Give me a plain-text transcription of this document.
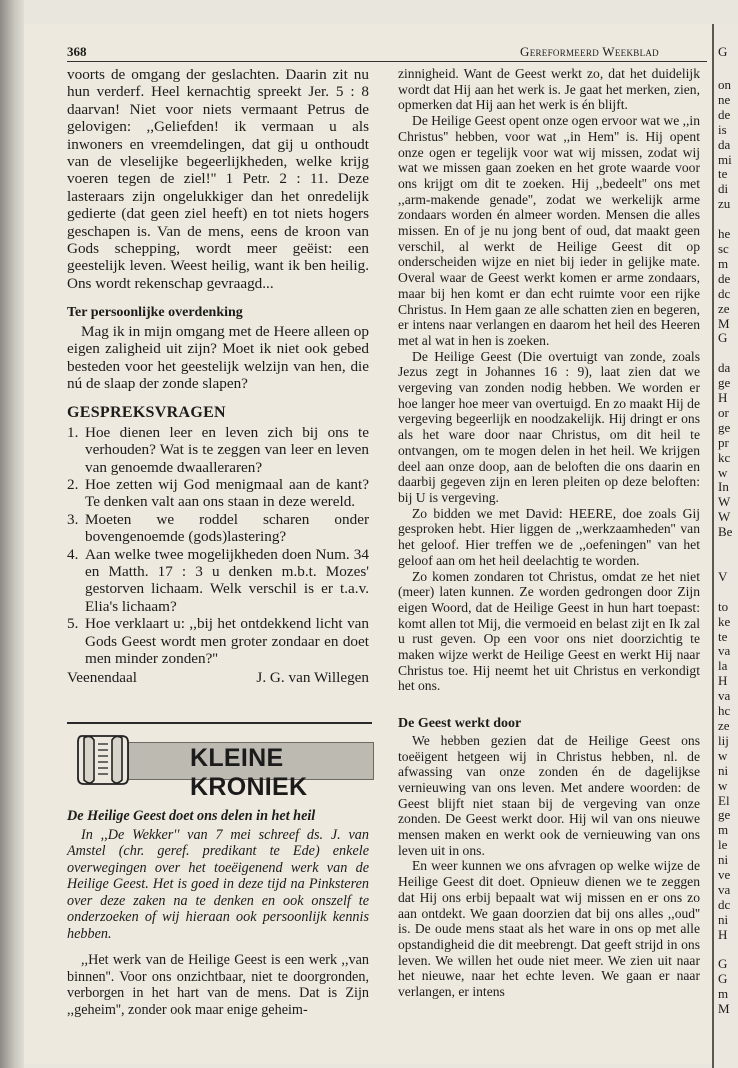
368	Gereformeerd Weekblad

voorts de omgang der geslachten. Daarin zit nu hun verderf. Heel kernachtig spreekt Jer. 5 : 8 daarvan! Niet voor niets vermaant Petrus de gelovigen: ,,Geliefden! ik vermaan u als inwoners en vreemdelingen, dat gij u onthoudt van de vleselijke begeerlijkheden, welke krijg voeren tegen de ziel!'' 1 Petr. 2 : 11. Deze lasteraars zijn ongelukkiger dan het onredelijk gedierte (dat geen ziel heeft) en tot niets hogers geschapen is. Van de mens, eens de kroon van Gods schepping, wordt meer geëist: een geestelijk leven. Weest heilig, want ik ben heilig. Ons wordt rekenschap gevraagd...

Ter persoonlijke overdenking

Mag ik in mijn omgang met de Heere alleen op eigen zaligheid uit zijn? Moet ik niet ook gebed besteden voor het geestelijk welzijn van hen, die nú de slaap der zonde slapen?

GESPREKSVRAGEN
1. Hoe dienen leer en leven zich bij ons te verhouden? Wat is te zeggen van leer en leven van genoemde dwaalleraren?
2. Hoe zetten wij God menigmaal aan de kant? Te denken valt aan ons staan in deze wereld.
3. Moeten we roddel scharen onder bovengenoemde (gods)lastering?
4. Aan welke twee mogelijkheden doen Num. 34 en Matth. 17 : 3 u denken m.b.t. Mozes' gestorven lichaam. Welk verschil is er t.a.v. Elia's lichaam?
5. Hoe verklaart u: ,,bij het ontdekkend licht van Gods Geest wordt men groter zondaar en doet men minder zonden?''
Veenendaal	J. G. van Willegen
KLEINE KRONIEK

De Heilige Geest doet ons delen in het heil

In ,,De Wekker'' van 7 mei schreef ds. J. van Amstel (chr. geref. predikant te Ede) enkele overwegingen over het toeëigenend werk van de Heilige Geest. Het is goed in deze tijd na Pinksteren over deze zaken na te denken en ook onszelf te onderzoeken of wij hieraan ook persoonlijk kennis hebben.

,,Het werk van de Heilige Geest is een werk ,,van binnen''. Voor ons onzichtbaar, niet te doorgronden, verborgen in het hart van de mens. Dat is Zijn ,,geheim'', zonder ook maar enige geheim-

zinnigheid. Want de Geest werkt zo, dat het duidelijk wordt dat Hij aan het werk is. Je gaat het merken, zien, opmerken dat Hij aan het werk is én blijft.

De Heilige Geest opent onze ogen ervoor wat we ,,in Christus'' hebben, voor wat ,,in Hem'' is. Hij opent onze ogen er tegelijk voor wat wij missen, zodat wij wat we missen gaan zoeken en het grote waarde voor ons krijgt om dit te zoeken. Hij ,,bedeelt'' ons met ,,arm-makende genade'', zodat we werkelijk arme zondaars worden én almeer worden. Mensen die alles missen. En of je nu jong bent of oud, dat maakt geen verschil, al werkt de Heilige Geest dit op onderscheiden wijze en niet bij ieder in gelijke mate. Overal waar de Geest werkt komen er arme zondaars, maar bij hen komt er dan echt ruimte voor een rijke Christus. In Hem gaan ze alle schatten zien en begeren, er intens naar verlangen en daarom het heil des Heeren met al wat in hen is zoeken.

De Heilige Geest (Die overtuigt van zonde, zoals Jezus zegt in Johannes 16 : 9), laat zien dat we vergeving van zonden nodig hebben. We worden er hoe langer hoe meer van overtuigd. En zo maakt Hij de vergeving begeerlijk en noodzakelijk. Hij dringt er ons als het ware door naar Christus, om dit heil te ontvangen, om te mogen delen in het heil. We krijgen deel aan onze doop, aan de beloften die ons daarin en daarbij gegeven zijn en leren pleiten op deze beloften: bij U is vergeving.

Zo bidden we met David: HEERE, doe zoals Gij gesproken hebt. Hier liggen de ,,werkzaamheden'' van het geloof. Hier treffen we de ,,oefeningen'' van het geloof aan om het heil deelachtig te worden.

Zo komen zondaren tot Christus, omdat ze het niet (meer) laten kunnen. Ze worden gedrongen door Zijn eigen Woord, dat de Heilige Geest in hun hart toepast: komt allen tot Mij, die vermoeid en belast zijt en Ik zal u rust geven. Op een voor ons niet doorzichtig te maken wijze werkt de Heilige Geest en werkt Hij naar Christus toe. Hij neemt het uit Christus en verkondigt het ons.

De Geest werkt door

We hebben gezien dat de Heilige Geest ons toeëigent hetgeen wij in Christus hebben, nl. de afwassing van onze zonden én de dagelijkse vernieuwing van ons leven. Met andere woorden: de Geest blijft niet staan bij de vergeving van onze zonden. De Geest werkt door. Hij wil van ons nieuwe mensen maken en werkt ook de vernieuwing van ons leven uit in ons.

En weer kunnen we ons afvragen op welke wijze de Heilige Geest dit doet. Opnieuw dienen we te zeggen dat Hij ons erbij bepaalt wat wij missen en er ons zo aan ontdekt. We gaan doorzien dat bij ons alles ,,oud'' is. De oude mens staat als het ware in ons op met alle opstandigheid die dit meebrengt. Dat geeft strijd in ons leven. We willen het oude niet meer. We zien uit naar het nieuwe, naar het echte leven. We gaan er naar verlangen, er intens

G
on
ne
de
is
da
mi
te
di
zu

he
sc
m
de
dc
ze
M
G

da
ge
H
or
ge
pr
kc
w
In
W
W
Be

V

to
ke
te
va
la
H
va
hc
ze
lij
w
ni
w
El
ge
m
le
ni
ve
va
dc
ni
H

G
G
m
M
